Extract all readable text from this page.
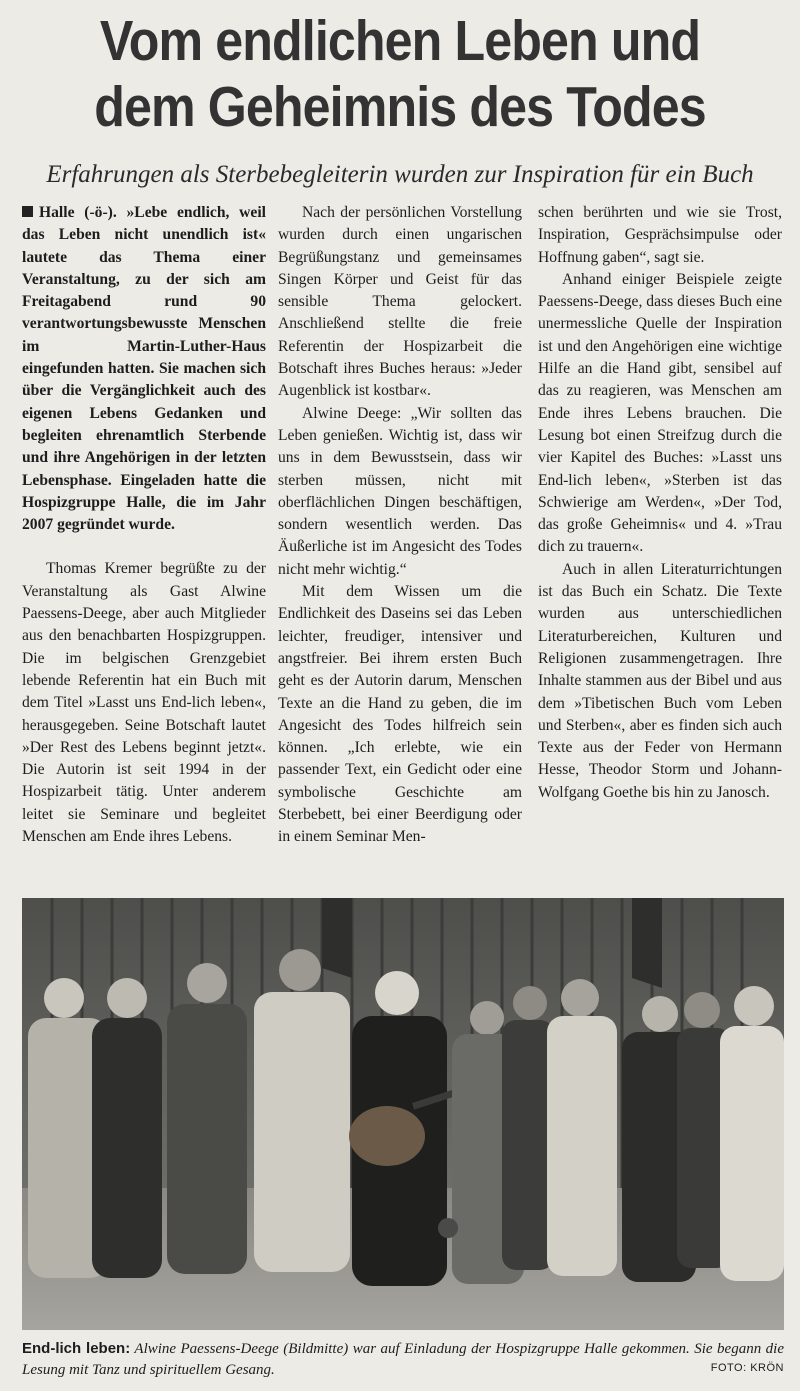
Vom endlichen Leben und dem Geheimnis des Todes
Erfahrungen als Sterbebegleiterin wurden zur Inspiration für ein Buch

Halle (-ö-). »Lebe endlich, weil das Leben nicht unendlich ist« lautete das Thema einer Veranstaltung, zu der sich am Freitagabend rund 90 verantwortungsbewusste Menschen im Martin-Luther-Haus eingefunden hatten. Sie machen sich über die Vergänglichkeit auch des eigenen Lebens Gedanken und begleiten ehrenamtlich Sterbende und ihre Angehörigen in der letzten Lebensphase. Eingeladen hatte die Hospizgruppe Halle, die im Jahr 2007 gegründet wurde.

Thomas Kremer begrüßte zu der Veranstaltung als Gast Alwine Paessens-Deege, aber auch Mitglieder aus den benachbarten Hospizgruppen. Die im belgischen Grenzgebiet lebende Referentin hat ein Buch mit dem Titel »Lasst uns End-lich leben«, herausgegeben. Seine Botschaft lautet »Der Rest des Lebens beginnt jetzt«. Die Autorin ist seit 1994 in der Hospizarbeit tätig. Unter anderem leitet sie Seminare und begleitet Menschen am Ende ihres Lebens.

Nach der persönlichen Vorstellung wurden durch einen ungarischen Begrüßungstanz und gemeinsames Singen Körper und Geist für das sensible Thema gelockert. Anschließend stellte die freie Referentin der Hospizarbeit die Botschaft ihres Buches heraus: »Jeder Augenblick ist kostbar«.

Alwine Deege: „Wir sollten das Leben genießen. Wichtig ist, dass wir uns in dem Bewusstsein, dass wir sterben müssen, nicht mit oberflächlichen Dingen beschäftigen, sondern wesentlich werden. Das Äußerliche ist im Angesicht des Todes nicht mehr wichtig.“

Mit dem Wissen um die Endlichkeit des Daseins sei das Leben leichter, freudiger, intensiver und angstfreier. Bei ihrem ersten Buch geht es der Autorin darum, Menschen Texte an die Hand zu geben, die im Angesicht des Todes hilfreich sein können. „Ich erlebte, wie ein passender Text, ein Gedicht oder eine symbolische Geschichte am Sterbebett, bei einer Beerdigung oder in einem Seminar Men-

schen berührten und wie sie Trost, Inspiration, Gesprächsimpulse oder Hoffnung gaben“, sagt sie.

Anhand einiger Beispiele zeigte Paessens-Deege, dass dieses Buch eine unermessliche Quelle der Inspiration ist und den Angehörigen eine wichtige Hilfe an die Hand gibt, sensibel auf das zu reagieren, was Menschen am Ende ihres Lebens brauchen. Die Lesung bot einen Streifzug durch die vier Kapitel des Buches: »Lasst uns End-lich leben«, »Sterben ist das Schwierige am Werden«, »Der Tod, das große Geheimnis« und 4. »Trau dich zu trauern«.

Auch in allen Literaturrichtungen ist das Buch ein Schatz. Die Texte wurden aus unterschiedlichen Literaturbereichen, Kulturen und Religionen zusammengetragen. Ihre Inhalte stammen aus der Bibel und aus dem »Tibetischen Buch vom Leben und Sterben«, aber es finden sich auch Texte aus der Feder von Hermann Hesse, Theodor Storm und Johann-Wolfgang Goethe bis hin zu Janosch.

End-lich leben: Alwine Paessens-Deege (Bildmitte) war auf Einladung der Hospizgruppe Halle gekommen. Sie begann die Lesung mit Tanz und spirituellem Gesang.	FOTO: KRÖN
